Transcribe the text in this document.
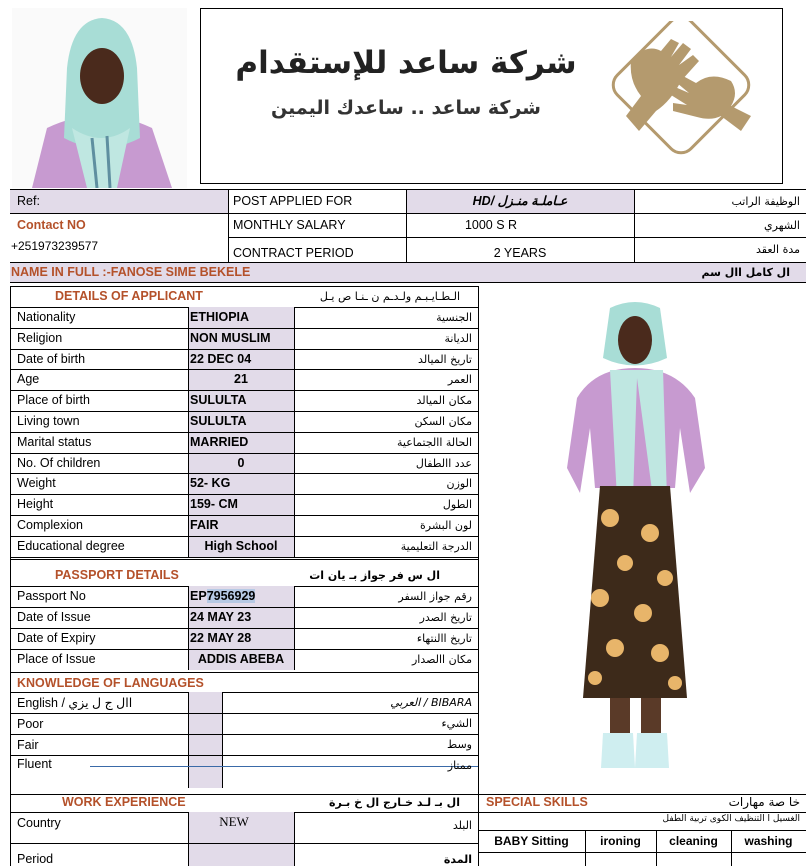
شركة ساعد للإستقدام
شركة ساعد .. ساعدك اليمين
Ref:
Contact NO
+251973239577
POST APPLIED FOR	HD/ عـاملـة منـزل	الوظيفة الراتب
MONTHLY SALARY	1000 S R	الشهري
CONTRACT PERIOD	2 YEARS	مدة العقد
NAME IN FULL :-FANOSE SIME BEKELE	ال كامل اال سم
DETAILS OF APPLICANT	الـطـايـبـم ولـدـم ن ـنـا ص يـل
Nationality	ETHIOPIA	الجنسية
Religion	NON MUSLIM	الديانة
Date of birth	22 DEC 04	تاريخ الميالد
Age	21	العمر
Place of birth	SULULTA	مكان الميالد
Living town	SULULTA	مكان السكن
Marital status	MARRIED	الحالة االجتماعية
No. Of children	0	عدد االطفال
Weight	52- KG	الوزن
Height	159- CM	الطول
Complexion	FAIR	لون البشرة
Educational degree	High School	الدرجة التعليمية
PASSPORT DETAILS	ال س فر جواز بـ يان ات
Passport No	EP7956929	رقم جواز السفر
Date of Issue	24 MAY 23	تاريخ الصدر
Date of Expiry	22 MAY 28	تاريخ االنتهاء
Place of Issue	ADDIS ABEBA	مكان االصدار
KNOWLEDGE OF LANGUAGES
English / اال ج ل يزي	BIBARA / العربي
Poor	الشيء
Fair	وسط
Fluent	ممتاز
WORK EXPERIENCE	ال بـ لـد خـارج ال خ بـرة
Country	NEW	البلد
Period	المدة
SPECIAL SKILLS	خا صة مهارات
الغسيل ا التنظيف الكوى تربية الطفل
BABY Sitting	ironing	cleaning	washing
